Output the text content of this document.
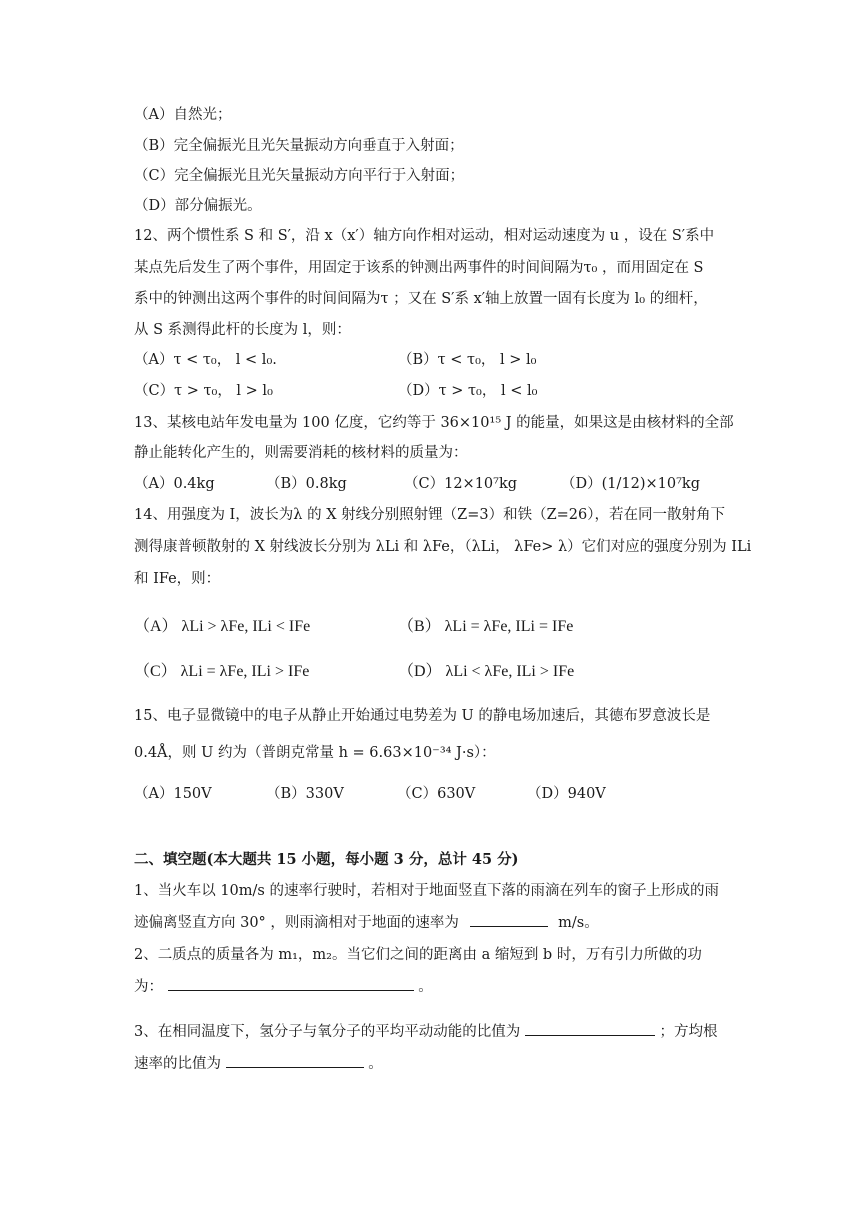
（A）自然光；
（B）完全偏振光且光矢量振动方向垂直于入射面；
（C）完全偏振光且光矢量振动方向平行于入射面；
（D）部分偏振光。
12、两个惯性系 S 和 S′，沿 x（x′）轴方向作相对运动，相对运动速度为 u ，设在 S′系中
某点先后发生了两个事件，用固定于该系的钟测出两事件的时间间隔为τ₀ ，而用固定在 S
系中的钟测出这两个事件的时间间隔为τ ；又在 S′系 x′轴上放置一固有长度为 l₀ 的细杆，
从 S 系测得此杆的长度为 l，则：
（A）τ < τ₀， l < l₀.	（B）τ < τ₀， l > l₀
（C）τ > τ₀， l > l₀	（D）τ > τ₀， l < l₀
13、某核电站年发电量为 100 亿度，它约等于 36×10¹⁵ J 的能量，如果这是由核材料的全部
静止能转化产生的，则需要消耗的核材料的质量为：
（A）0.4kg	（B）0.8kg	（C）12×10⁷kg	（D）(1/12)×10⁷kg
14、用强度为 I，波长为λ 的 X 射线分别照射锂（Z=3）和铁（Z=26），若在同一散射角下
测得康普顿散射的 X 射线波长分别为 λLi 和 λFe，（λLi， λFe> λ）它们对应的强度分别为 ILi
和 IFe，则：
（A） λLi > λFe, ILi < IFe	（B） λLi = λFe, ILi = IFe
（C） λLi = λFe, ILi > IFe	（D） λLi < λFe, ILi > IFe
15、电子显微镜中的电子从静止开始通过电势差为 U 的静电场加速后，其德布罗意波长是
0.4Å，则 U 约为（普朗克常量 h = 6.63×10⁻³⁴ J·s）：
（A）150V	（B）330V	（C）630V	（D）940V
二、填空题(本大题共 15 小题，每小题 3 分，总计 45 分)
1、当火车以 10m/s 的速率行驶时，若相对于地面竖直下落的雨滴在列车的窗子上形成的雨
迹偏离竖直方向 30° ，则雨滴相对于地面的速率为	m/s。
2、二质点的质量各为 m₁，m₂。当它们之间的距离由 a 缩短到 b 时，万有引力所做的功
为：	。
3、在相同温度下，氢分子与氧分子的平均平动动能的比值为	；方均根
速率的比值为	。
